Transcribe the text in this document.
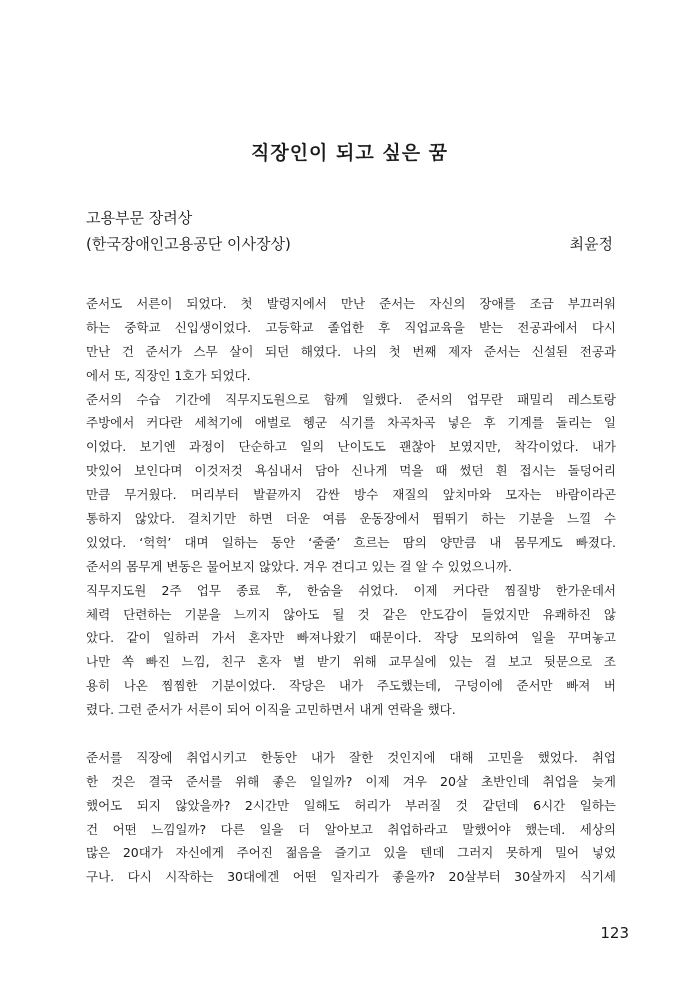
직장인이 되고 싶은 꿈
고용부문 장려상
(한국장애인고용공단 이사장상)	최윤정
준서도 서른이 되었다. 첫 발령지에서 만난 준서는 자신의 장애를 조금 부끄러워
하는 중학교 신입생이었다. 고등학교 졸업한 후 직업교육을 받는 전공과에서 다시
만난 건 준서가 스무 살이 되던 해였다. 나의 첫 번째 제자 준서는 신설된 전공과
에서 또, 직장인 1호가 되었다.
준서의 수습 기간에 직무지도원으로 함께 일했다. 준서의 업무란 패밀리 레스토랑
주방에서 커다란 세척기에 애벌로 헹군 식기를 차곡차곡 넣은 후 기계를 돌리는 일
이었다. 보기엔 과정이 단순하고 일의 난이도도 괜찮아 보였지만, 착각이었다. 내가
맛있어 보인다며 이것저것 욕심내서 담아 신나게 먹을 때 썼던 흰 접시는 돌덩어리
만큼 무거웠다. 머리부터 발끝까지 감싼 방수 재질의 앞치마와 모자는 바람이라곤
통하지 않았다. 걸치기만 하면 더운 여름 운동장에서 뜀뛰기 하는 기분을 느낄 수
있었다. ‘헉헉’ 대며 일하는 동안 ‘줄줄’ 흐르는 땀의 양만큼 내 몸무게도 빠졌다.
준서의 몸무게 변동은 물어보지 않았다. 겨우 견디고 있는 걸 알 수 있었으니까.
직무지도원 2주 업무 종료 후, 한숨을 쉬었다. 이제 커다란 찜질방 한가운데서
체력 단련하는 기분을 느끼지 않아도 될 것 같은 안도감이 들었지만 유쾌하진 않
았다. 같이 일하러 가서 혼자만 빠져나왔기 때문이다. 작당 모의하여 일을 꾸며놓고
나만 쏙 빠진 느낌, 친구 혼자 벌 받기 위해 교무실에 있는 걸 보고 뒷문으로 조
용히 나온 찜찜한 기분이었다. 작당은 내가 주도했는데, 구덩이에 준서만 빠져 버
렸다. 그런 준서가 서른이 되어 이직을 고민하면서 내게 연락을 했다.
준서를 직장에 취업시키고 한동안 내가 잘한 것인지에 대해 고민을 했었다. 취업
한 것은 결국 준서를 위해 좋은 일일까? 이제 겨우 20살 초반인데 취업을 늦게
했어도 되지 않았을까? 2시간만 일해도 허리가 부러질 것 같던데 6시간 일하는
건 어떤 느낌일까? 다른 일을 더 알아보고 취업하라고 말했어야 했는데. 세상의
많은 20대가 자신에게 주어진 젊음을 즐기고 있을 텐데 그러지 못하게 밀어 넣었
구나. 다시 시작하는 30대에겐 어떤 일자리가 좋을까? 20살부터 30살까지 식기세
123
